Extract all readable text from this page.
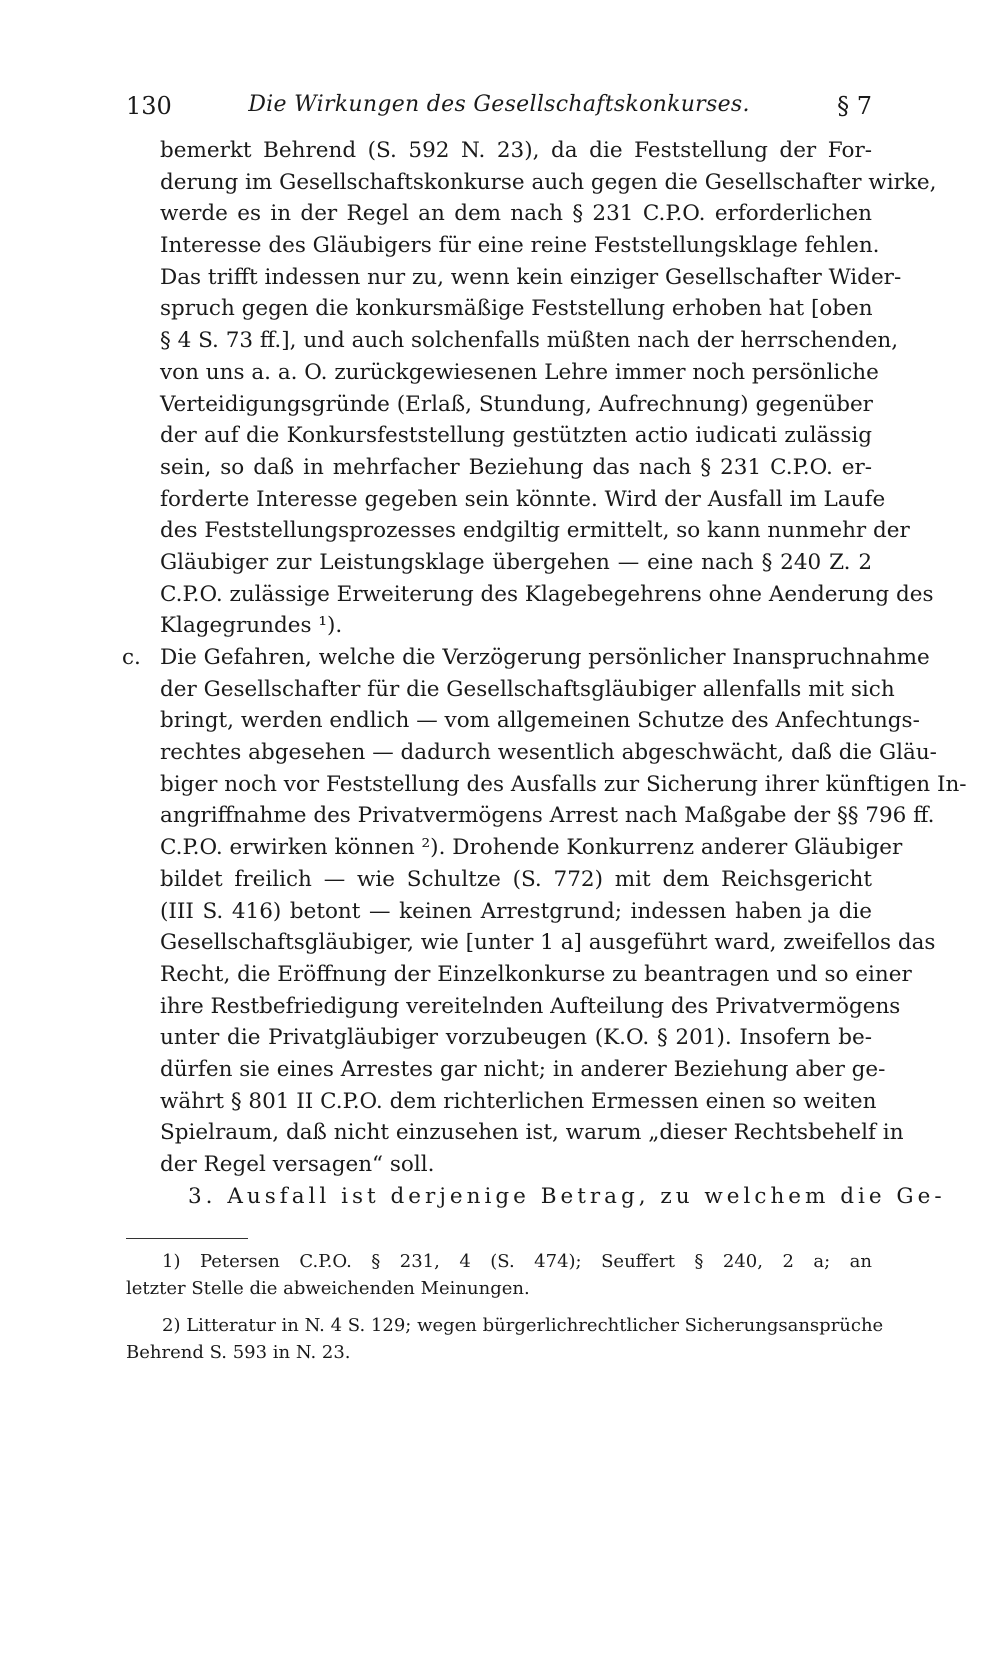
130	Die Wirkungen des Gesellschaftskonkurses.	§ 7
bemerkt Behrend (S. 592 N. 23), da die Feststellung der For-
derung im Gesellschaftskonkurse auch gegen die Gesellschafter wirke,
werde es in der Regel an dem nach § 231 C.P.O. erforderlichen
Interesse des Gläubigers für eine reine Feststellungsklage fehlen.
Das trifft indessen nur zu, wenn kein einziger Gesellschafter Wider-
spruch gegen die konkursmäßige Feststellung erhoben hat [oben
§ 4 S. 73 ff.], und auch solchenfalls müßten nach der herrschenden,
von uns a. a. O. zurückgewiesenen Lehre immer noch persönliche
Verteidigungsgründe (Erlaß, Stundung, Aufrechnung) gegenüber
der auf die Konkursfeststellung gestützten actio iudicati zulässig
sein, so daß in mehrfacher Beziehung das nach § 231 C.P.O. er-
forderte Interesse gegeben sein könnte. Wird der Ausfall im Laufe
des Feststellungsprozesses endgiltig ermittelt, so kann nunmehr der
Gläubiger zur Leistungsklage übergehen — eine nach § 240 Z. 2
C.P.O. zulässige Erweiterung des Klagebegehrens ohne Aenderung des
Klagegrundes ¹).
c. Die Gefahren, welche die Verzögerung persönlicher Inanspruchnahme
der Gesellschafter für die Gesellschaftsgläubiger allenfalls mit sich
bringt, werden endlich — vom allgemeinen Schutze des Anfechtungs-
rechtes abgesehen — dadurch wesentlich abgeschwächt, daß die Gläu-
biger noch vor Feststellung des Ausfalls zur Sicherung ihrer künftigen In-
angriffnahme des Privatvermögens Arrest nach Maßgabe der §§ 796 ff.
C.P.O. erwirken können ²). Drohende Konkurrenz anderer Gläubiger
bildet freilich — wie Schultze (S. 772) mit dem Reichsgericht
(III S. 416) betont — keinen Arrestgrund; indessen haben ja die
Gesellschaftsgläubiger, wie [unter 1 a] ausgeführt ward, zweifellos das
Recht, die Eröffnung der Einzelkonkurse zu beantragen und so einer
ihre Restbefriedigung vereitelnden Aufteilung des Privatvermögens
unter die Privatgläubiger vorzubeugen (K.O. § 201). Insofern be-
dürfen sie eines Arrestes gar nicht; in anderer Beziehung aber ge-
währt § 801 II C.P.O. dem richterlichen Ermessen einen so weiten
Spielraum, daß nicht einzusehen ist, warum „dieser Rechtsbehelf in
der Regel versagen“ soll.
3. Ausfall ist derjenige Betrag, zu welchem die Ge-
1) Petersen C.P.O. § 231, 4 (S. 474); Seuffert § 240, 2 a; an
letzter Stelle die abweichenden Meinungen.
2) Litteratur in N. 4 S. 129; wegen bürgerlichrechtlicher Sicherungsansprüche
Behrend S. 593 in N. 23.
